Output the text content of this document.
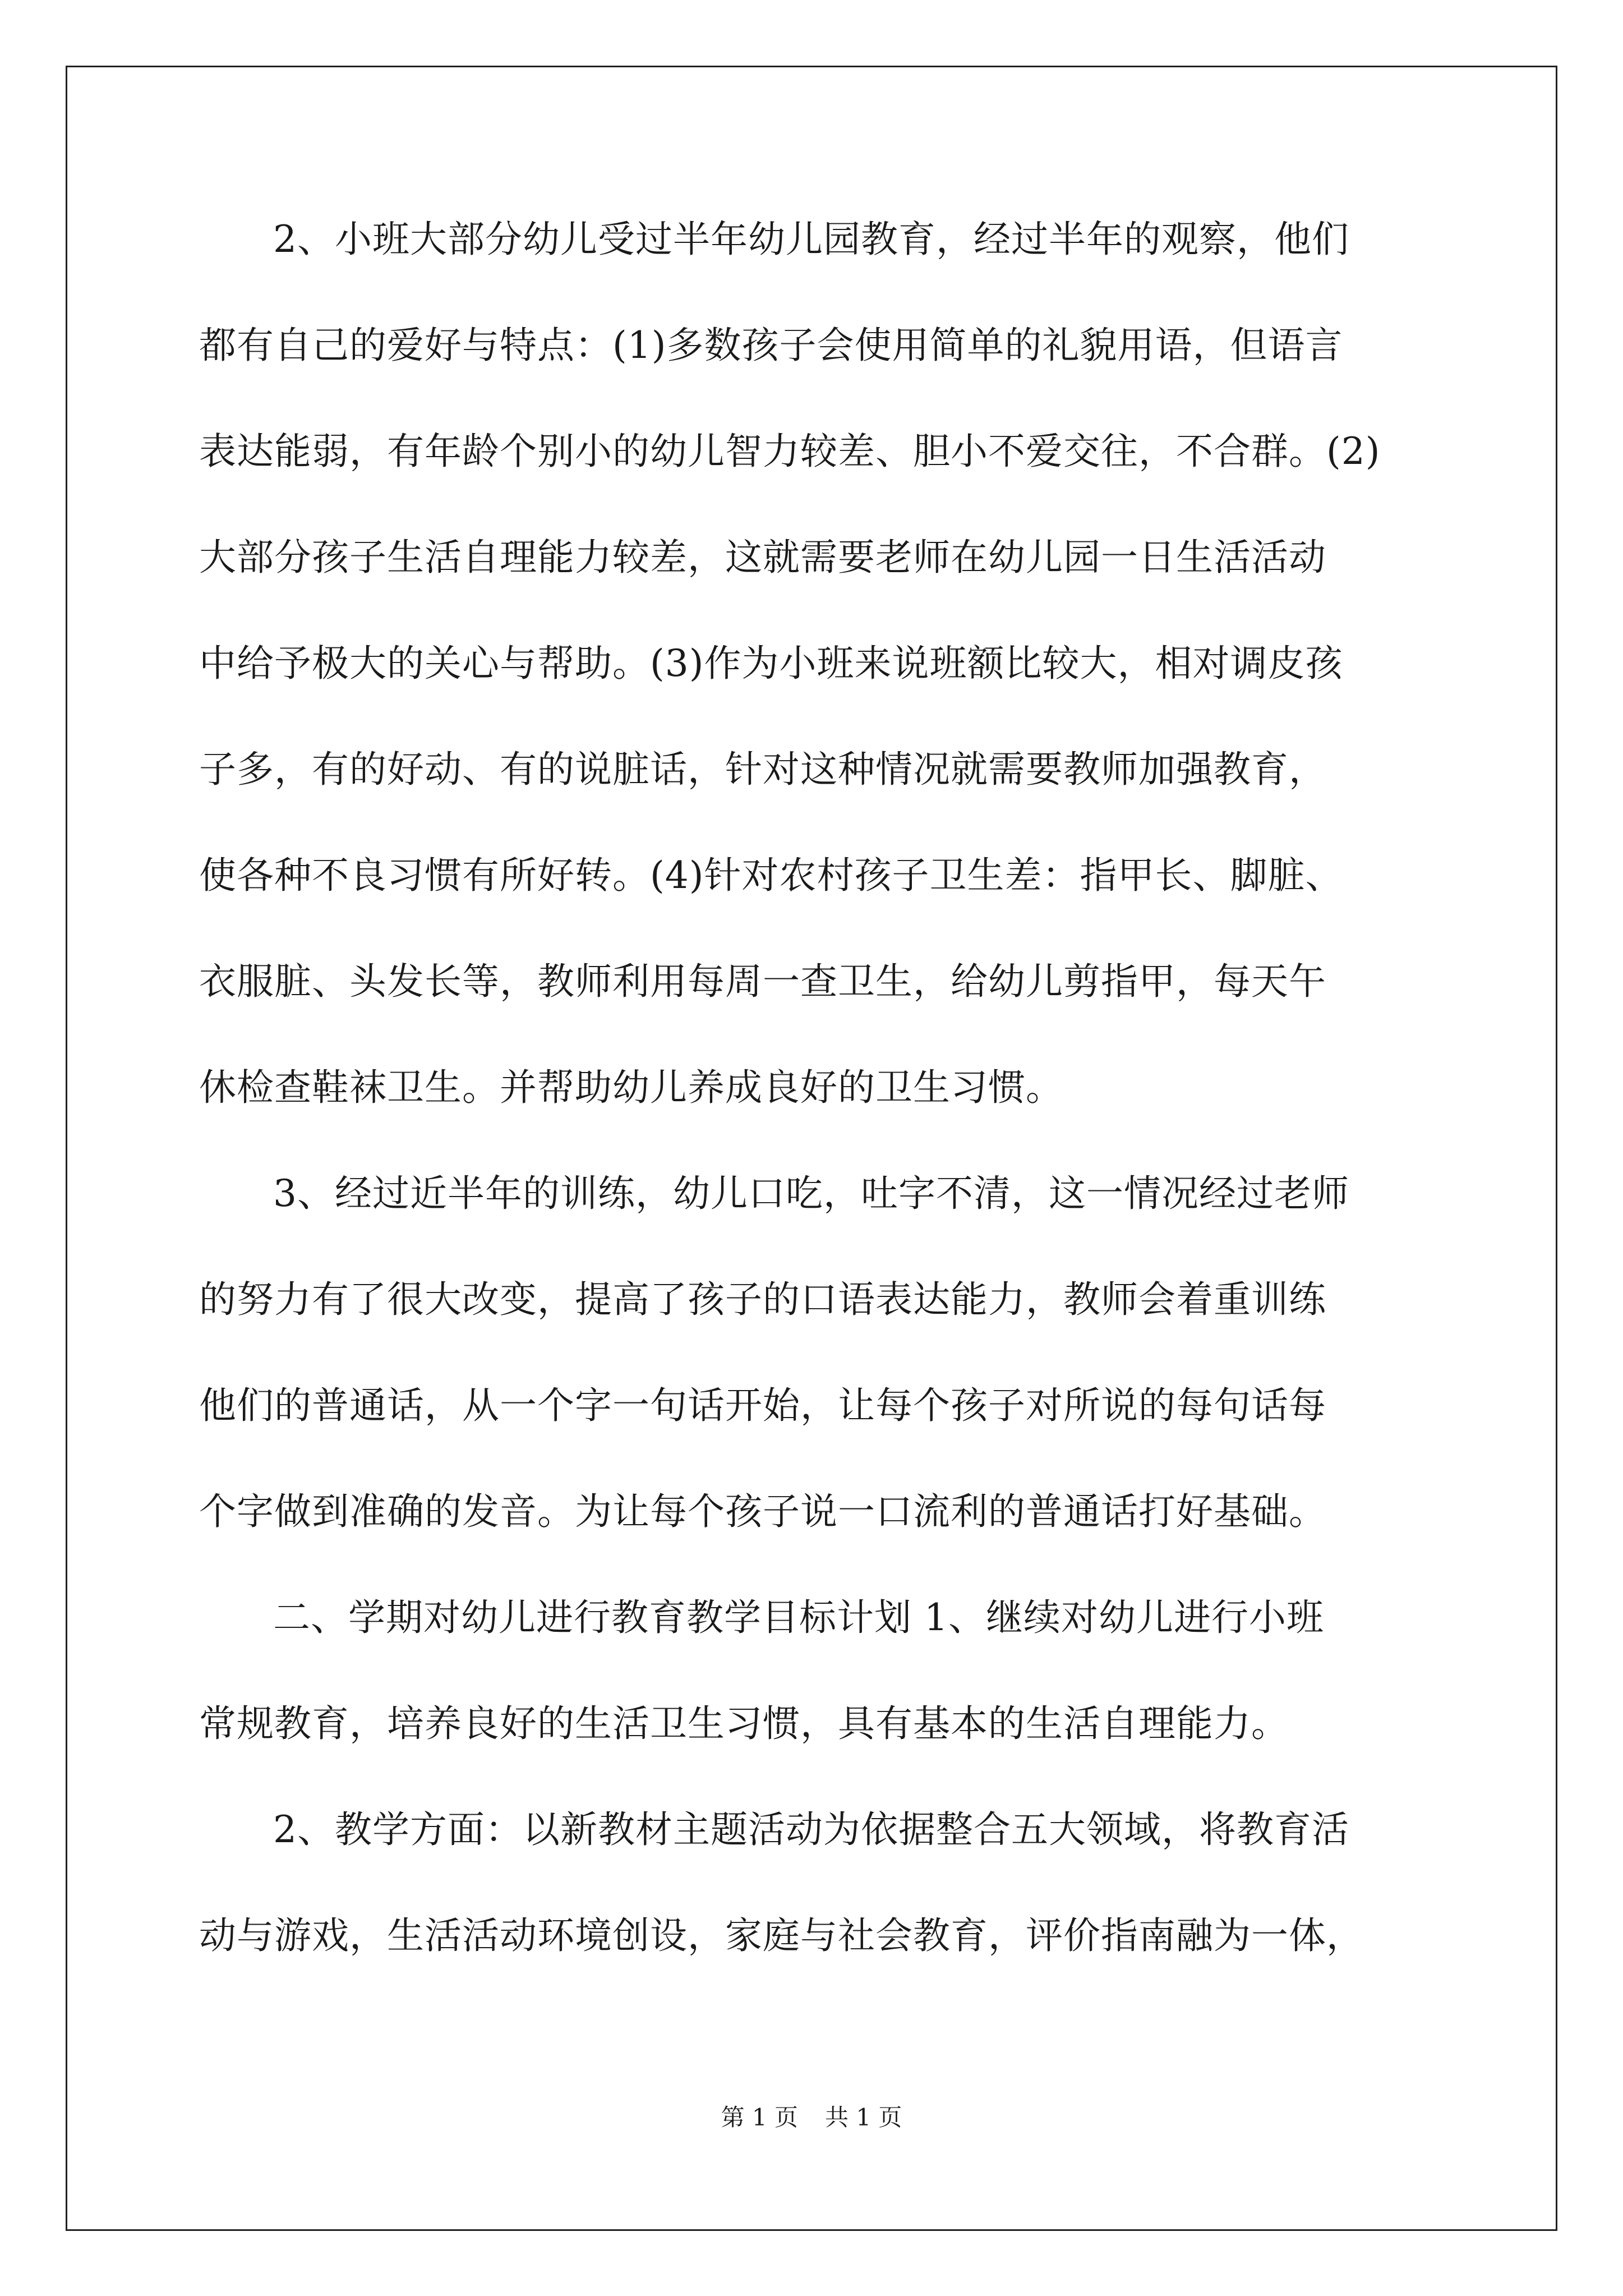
2、小班大部分幼儿受过半年幼儿园教育，经过半年的观察，他们
都有自己的爱好与特点：(1)多数孩子会使用简单的礼貌用语，但语言
表达能弱，有年龄个别小的幼儿智力较差、胆小不爱交往，不合群。(2)
大部分孩子生活自理能力较差，这就需要老师在幼儿园一日生活活动
中给予极大的关心与帮助。(3)作为小班来说班额比较大，相对调皮孩
子多，有的好动、有的说脏话，针对这种情况就需要教师加强教育，
使各种不良习惯有所好转。(4)针对农村孩子卫生差：指甲长、脚脏、
衣服脏、头发长等，教师利用每周一查卫生，给幼儿剪指甲，每天午
休检查鞋袜卫生。并帮助幼儿养成良好的卫生习惯。
3、经过近半年的训练，幼儿口吃，吐字不清，这一情况经过老师
的努力有了很大改变，提高了孩子的口语表达能力，教师会着重训练
他们的普通话，从一个字一句话开始，让每个孩子对所说的每句话每
个字做到准确的发音。为让每个孩子说一口流利的普通话打好基础。
二、学期对幼儿进行教育教学目标计划 1、继续对幼儿进行小班
常规教育，培养良好的生活卫生习惯，具有基本的生活自理能力。
2、教学方面：以新教材主题活动为依据整合五大领域，将教育活
动与游戏，生活活动环境创设，家庭与社会教育，评价指南融为一体，
第 1 页 共 1 页
